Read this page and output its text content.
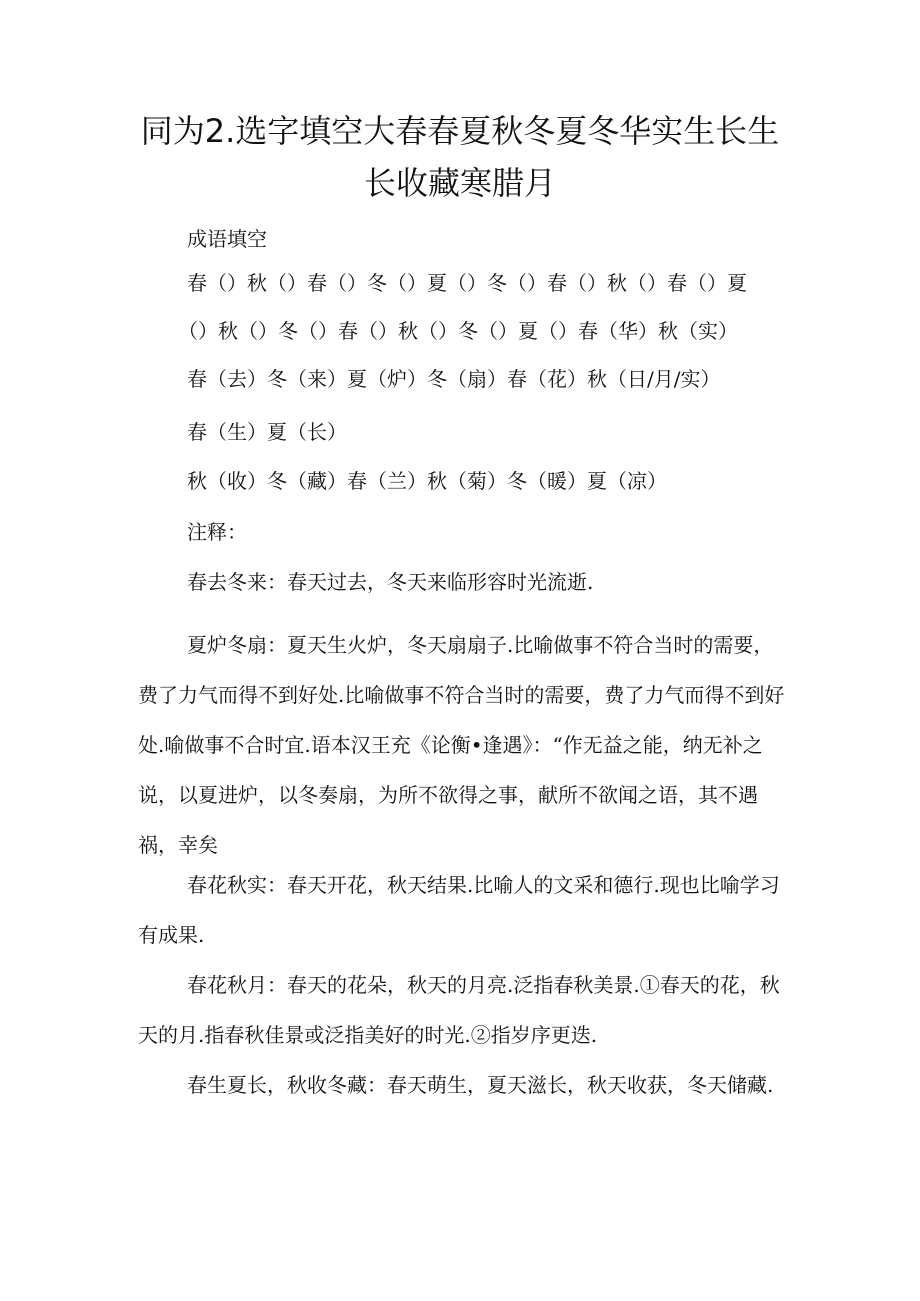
同为2.选字填空大春春夏秋冬夏冬华实生长生
长收藏寒腊月
成语填空
春（）秋（）春（）冬（）夏（）冬（）春（）秋（）春（）夏
（）秋（）冬（）春（）秋（）冬（）夏（）春（华）秋（实）
春（去）冬（来）夏（炉）冬（扇）春（花）秋（日/月/实）
春（生）夏（长）
秋（收）冬（藏）春（兰）秋（菊）冬（暖）夏（凉）
注释：

春去冬来：春天过去，冬天来临形容时光流逝.

夏炉冬扇：夏天生火炉，冬天扇扇子.比喻做事不符合当时的需要，费了力气而得不到好处.比喻做事不符合当时的需要，费了力气而得不到好处.喻做事不合时宜.语本汉王充《论衡•逢遇》：“作无益之能，纳无补之说，以夏进炉，以冬奏扇，为所不欲得之事，献所不欲闻之语，其不遇祸，幸矣

春花秋实：春天开花，秋天结果.比喻人的文采和德行.现也比喻学习有成果.

春花秋月：春天的花朵，秋天的月亮.泛指春秋美景.①春天的花，秋天的月.指春秋佳景或泛指美好的时光.②指岁序更迭.

春生夏长，秋收冬藏：春天萌生，夏天滋长，秋天收获，冬天储藏.
